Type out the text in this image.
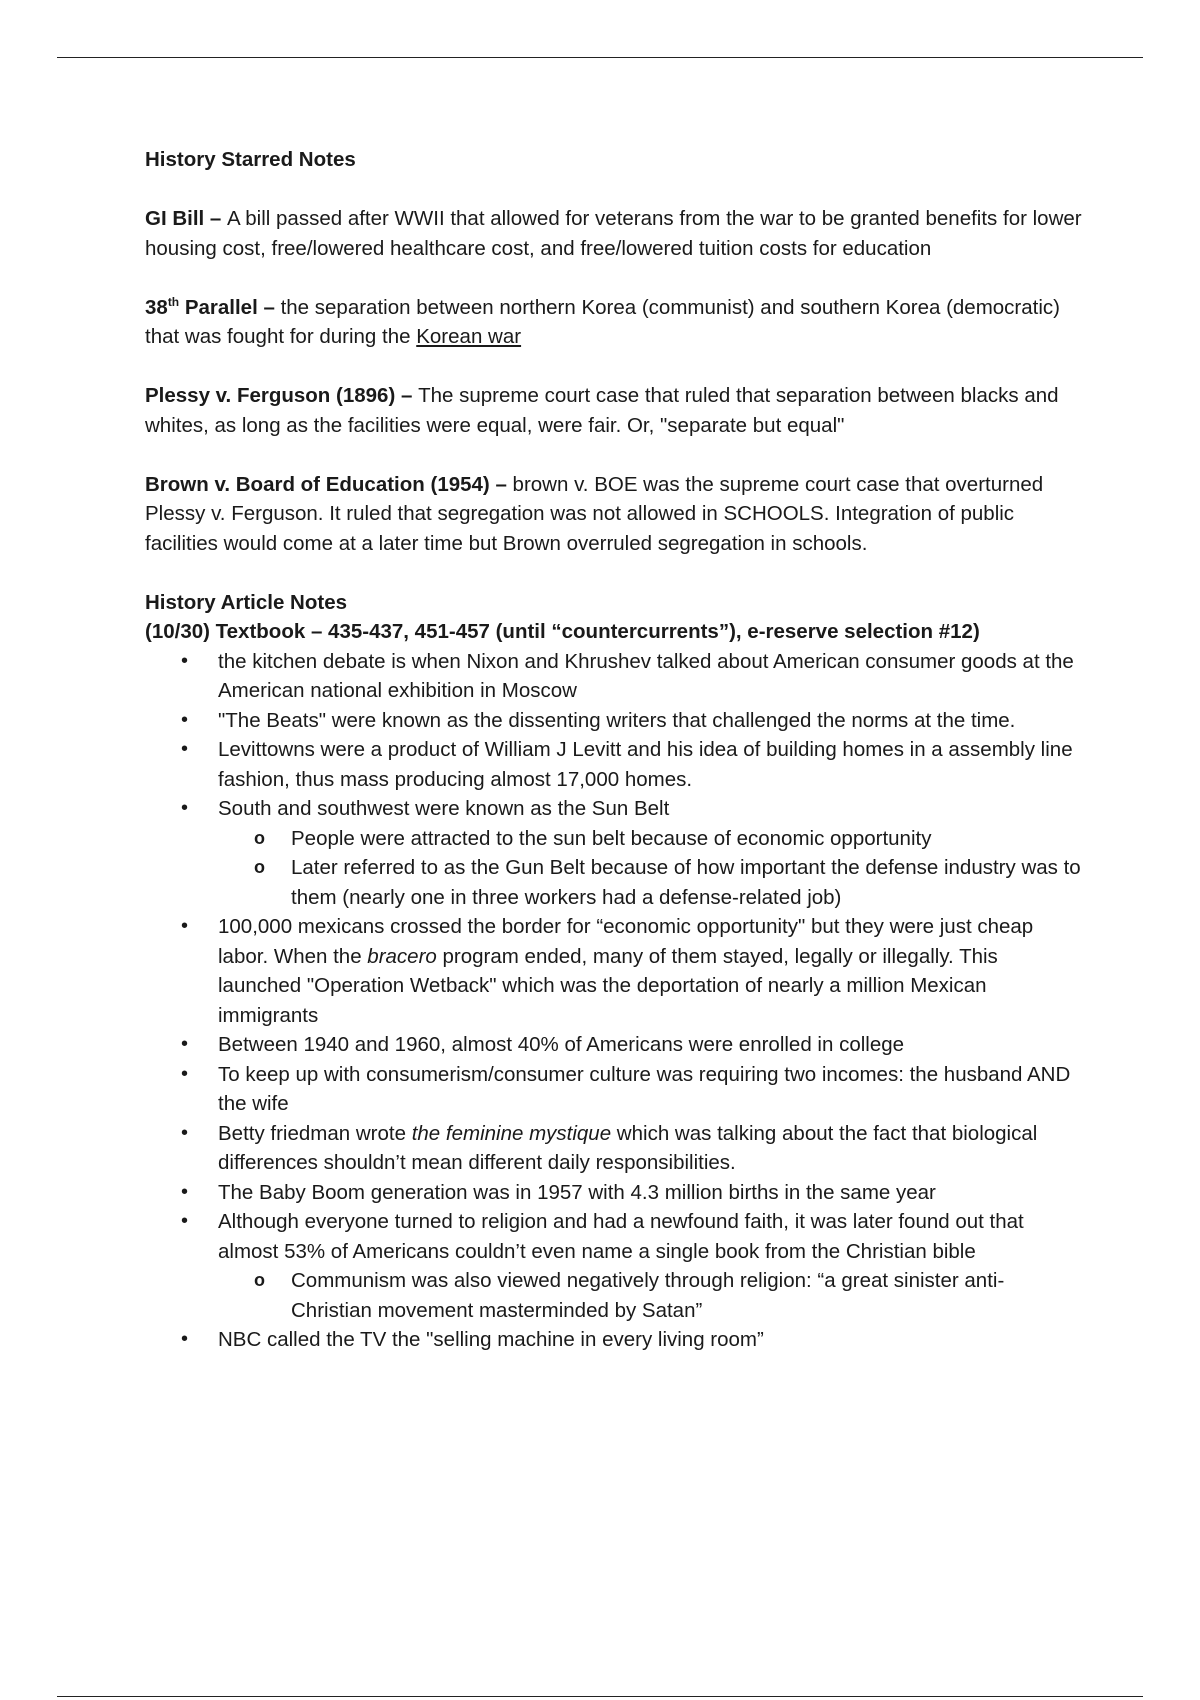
History Starred Notes

GI Bill – A bill passed after WWII that allowed for veterans from the war to be granted benefits for lower housing cost, free/lowered healthcare cost, and free/lowered tuition costs for education

38th Parallel – the separation between northern Korea (communist) and southern Korea (democratic) that was fought for during the Korean war

Plessy v. Ferguson (1896) – The supreme court case that ruled that separation between blacks and whites, as long as the facilities were equal, were fair. Or, "separate but equal"

Brown v. Board of Education (1954) – brown v. BOE was the supreme court case that overturned Plessy v. Ferguson. It ruled that segregation was not allowed in SCHOOLS. Integration of public facilities would come at a later time but Brown overruled segregation in schools.

History Article Notes

(10/30) Textbook – 435-437, 451-457 (until “countercurrents”), e-reserve selection #12)

• the kitchen debate is when Nixon and Khrushev talked about American consumer goods at the American national exhibition in Moscow
• "The Beats" were known as the dissenting writers that challenged the norms at the time.
• Levittowns were a product of William J Levitt and his idea of building homes in a assembly line fashion, thus mass producing almost 17,000 homes.
• South and southwest were known as the Sun Belt
o People were attracted to the sun belt because of economic opportunity
o Later referred to as the Gun Belt because of how important the defense industry was to them (nearly one in three workers had a defense-related job)
• 100,000 mexicans crossed the border for “economic opportunity" but they were just cheap labor. When the bracero program ended, many of them stayed, legally or illegally. This launched "Operation Wetback" which was the deportation of nearly a million Mexican immigrants
• Between 1940 and 1960, almost 40% of Americans were enrolled in college
• To keep up with consumerism/consumer culture was requiring two incomes: the husband AND the wife
• Betty friedman wrote the feminine mystique which was talking about the fact that biological differences shouldn’t mean different daily responsibilities.
• The Baby Boom generation was in 1957 with 4.3 million births in the same year
• Although everyone turned to religion and had a newfound faith, it was later found out that almost 53% of Americans couldn’t even name a single book from the Christian bible
o Communism was also viewed negatively through religion: “a great sinister anti-Christian movement masterminded by Satan”
• NBC called the TV the "selling machine in every living room”
